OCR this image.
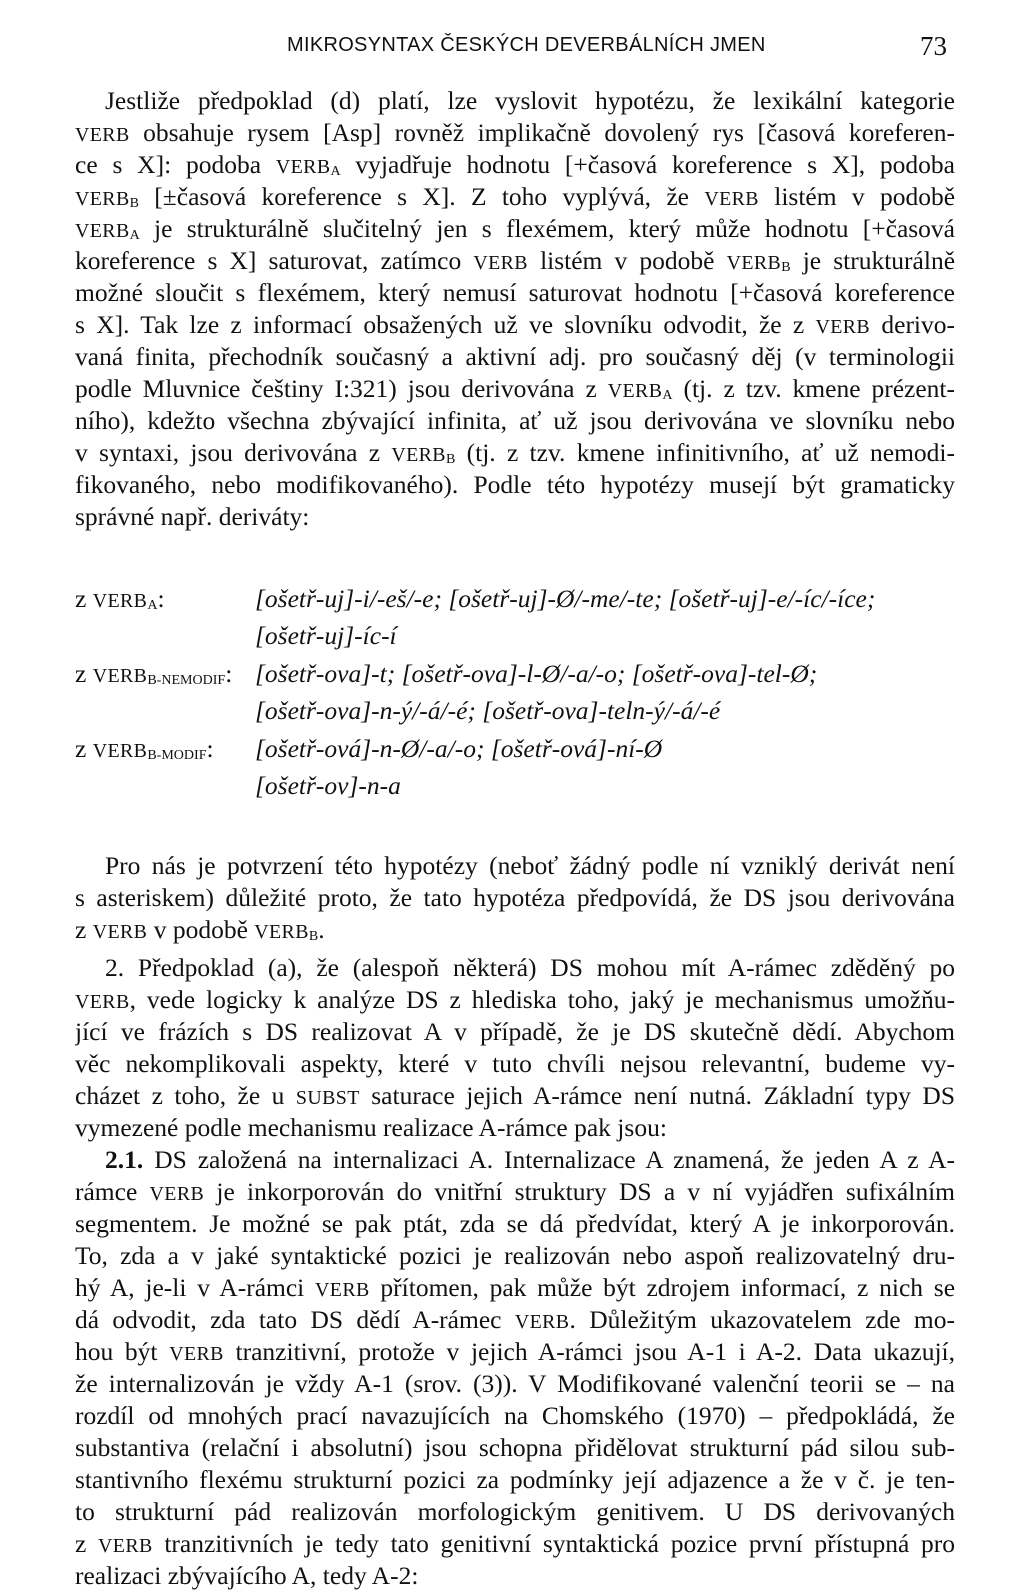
MIKROSYNTAX ČESKÝCH DEVERBÁLNÍCH JMEN	73
Jestliže předpoklad (d) platí, lze vyslovit hypotézu, že lexikální kategorie
VERB obsahuje rysem [Asp] rovněž implikačně dovolený rys [časová koreferen-
ce s X]: podoba $VERB_A$ vyjadřuje hodnotu [+časová koreference s X], podoba
$VERB_B$ [±časová koreference s X]. Z toho vyplývá, že VERB listém v podobě
$VERB_A$ je strukturálně slučitelný jen s flexémem, který může hodnotu [+časová
koreference s X] saturovat, zatímco VERB listém v podobě $VERB_B$ je strukturálně
možné sloučit s flexémem, který nemusí saturovat hodnotu [+časová koreference
s X]. Tak lze z informací obsažených už ve slovníku odvodit, že z VERB derivo-
vaná finita, přechodník současný a aktivní adj. pro současný děj (v terminologii
podle Mluvnice češtiny I:321) jsou derivována z $VERB_A$ (tj. z tzv. kmene prézent-
ního), kdežto všechna zbývající infinita, ať už jsou derivována ve slovníku nebo
v syntaxi, jsou derivována z $VERB_B$ (tj. z tzv. kmene infinitivního, ať už nemodi-
fikovaného, nebo modifikovaného). Podle této hypotézy musejí být gramaticky
správné např. deriváty:
z $VERB_A$:	[ošetř-uj]-i/-eš/-e; [ošetř-uj]-Ø/-me/-te; [ošetř-uj]-e/-íc/-íce;
[ošetř-uj]-íc-í
z $VERB_{B-NEMODIF}$: [ošetř-ova]-t; [ošetř-ova]-l-Ø/-a/-o; [ošetř-ova]-tel-Ø;
[ošetř-ova]-n-ý/-á/-é; [ošetř-ova]-teln-ý/-á/-é
z $VERB_{B-MODIF}$:	[ošetř-ová]-n-Ø/-a/-o; [ošetř-ová]-ní-Ø
[ošetř-ov]-n-a
Pro nás je potvrzení této hypotézy (neboť žádný podle ní vzniklý derivát není
s asteriskem) důležité proto, že tato hypotéza předpovídá, že DS jsou derivována
z VERB v podobě $VERB_B$.
2. Předpoklad (a), že (alespoň některá) DS mohou mít A-rámec zděděný po
VERB, vede logicky k analýze DS z hlediska toho, jaký je mechanismus umožňu-
jící ve frázích s DS realizovat A v případě, že je DS skutečně dědí. Abychom
věc nekomplikovali aspekty, které v tuto chvíli nejsou relevantní, budeme vy-
cházet z toho, že u SUBST saturace jejich A-rámce není nutná. Základní typy DS
vymezené podle mechanismu realizace A-rámce pak jsou:
2.1. DS založená na internalizaci A. Internalizace A znamená, že jeden A z A-
rámce VERB je inkorporován do vnitřní struktury DS a v ní vyjádřen sufixálním
segmentem. Je možné se pak ptát, zda se dá předvídat, který A je inkorporován.
To, zda a v jaké syntaktické pozici je realizován nebo aspoň realizovatelný dru-
hý A, je-li v A-rámci VERB přítomen, pak může být zdrojem informací, z nich se
dá odvodit, zda tato DS dědí A-rámec VERB. Důležitým ukazovatelem zde mo-
hou být VERB tranzitivní, protože v jejich A-rámci jsou A-1 i A-2. Data ukazují,
že internalizován je vždy A-1 (srov. (3)). V Modifikované valenční teorii se – na
rozdíl od mnohých prací navazujících na Chomského (1970) – předpokládá, že
substantiva (relační i absolutní) jsou schopna přidělovat strukturní pád silou sub-
stantivního flexému strukturní pozici za podmínky její adjazence a že v č. je ten-
to strukturní pád realizován morfologickým genitivem. U DS derivovaných
z VERB tranzitivních je tedy tato genitivní syntaktická pozice první přístupná pro
realizaci zbývajícího A, tedy A-2:
